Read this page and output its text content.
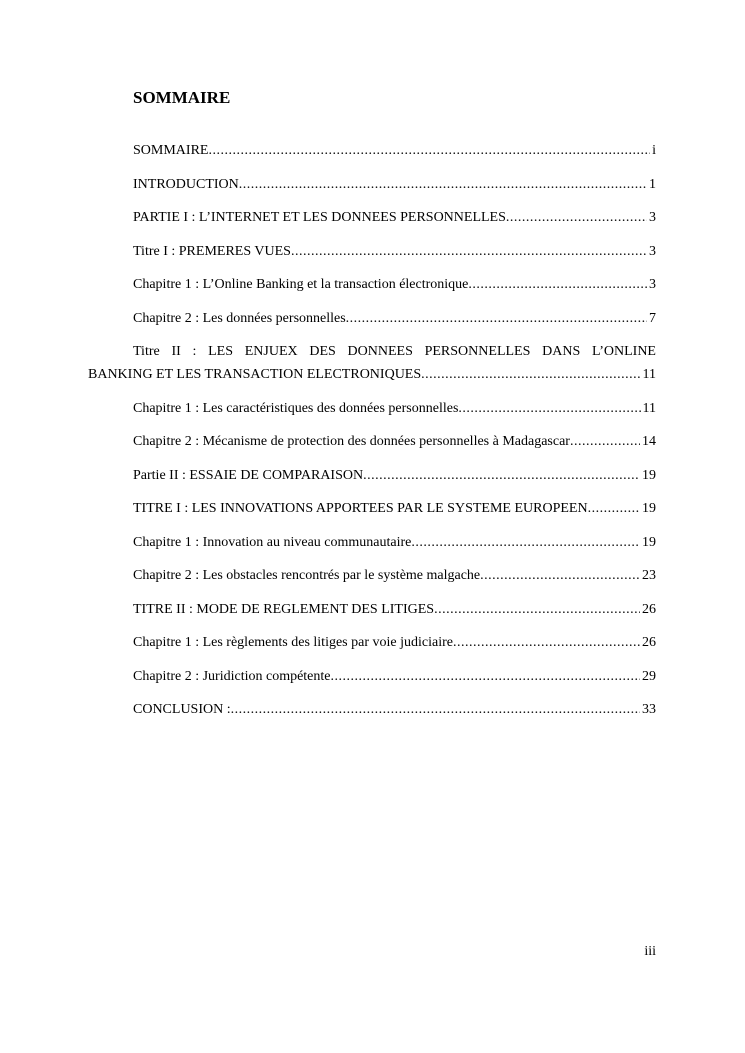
SOMMAIRE
SOMMAIRE .....	i
INTRODUCTION .....	1
PARTIE I : L’INTERNET ET LES DONNEES PERSONNELLES .....	3
Titre I : PREMERES VUES .....	3
Chapitre 1 : L’Online Banking et la transaction électronique .....	3
Chapitre 2 : Les données personnelles .....	7
Titre II : LES ENJUEX DES DONNEES PERSONNELLES DANS L’ONLINE
BANKING ET LES TRANSACTION ELECTRONIQUES .....	11
Chapitre 1 : Les caractéristiques des données personnelles .....	11
Chapitre 2 : Mécanisme de protection des données personnelles à Madagascar .....	14
Partie II : ESSAIE DE COMPARAISON .....	19
TITRE I : LES INNOVATIONS APPORTEES PAR LE SYSTEME EUROPEEN .....	19
Chapitre 1 : Innovation au niveau communautaire .....	19
Chapitre 2 : Les obstacles rencontrés par le système malgache .....	23
TITRE II : MODE DE REGLEMENT DES LITIGES .....	26
Chapitre 1 : Les règlements des litiges par voie judiciaire .....	26
Chapitre 2 : Juridiction compétente .....	29
CONCLUSION : .....	33
iii
